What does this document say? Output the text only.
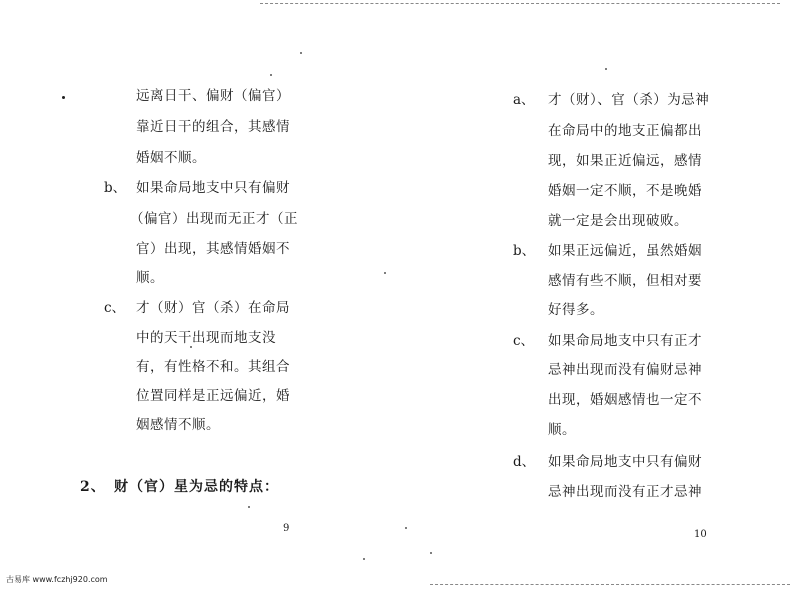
远离日干、偏财（偏官）
靠近日干的组合，其感情
婚姻不顺。
b、 如果命局地支中只有偏财
（偏官）出现而无正才（正
官）出现，其感情婚姻不
顺。
c、 才（财）官（杀）在命局
中的天干出现而地支没
有，有性格不和。其组合
位置同样是正远偏近，婚
姻感情不顺。
2、 财（官）星为忌的特点：
9
a、 才（财）、官（杀）为忌神
在命局中的地支正偏都出
现，如果正近偏远，感情
婚姻一定不顺，不是晚婚
就一定是会出现破败。
b、 如果正远偏近，虽然婚姻
感情有些不顺，但相对要
好得多。
c、 如果命局地支中只有正才
忌神出现而没有偏财忌神
出现，婚姻感情也一定不
顺。
d、 如果命局地支中只有偏财
忌神出现而没有正才忌神
10
古易库 www.fczhj920.com
